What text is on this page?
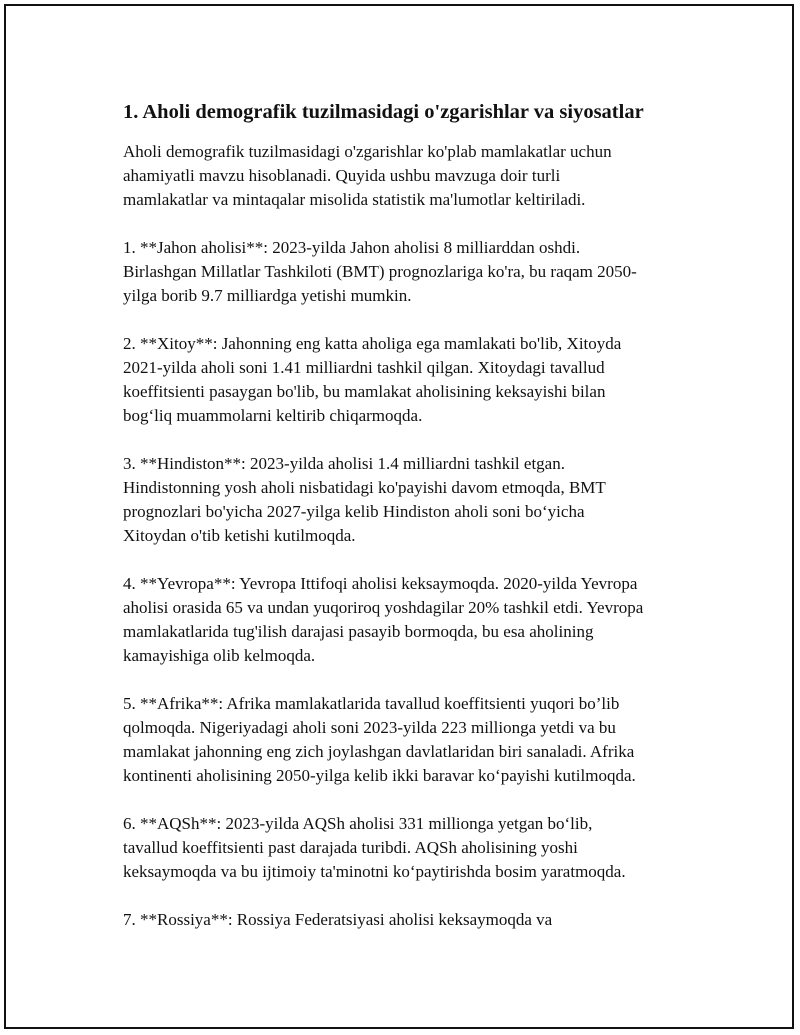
1. Aholi demografik tuzilmasidagi o'zgarishlar va siyosatlar

Aholi demografik tuzilmasidagi o'zgarishlar ko'plab mamlakatlar uchun
ahamiyatli mavzu hisoblanadi. Quyida ushbu mavzuga doir turli
mamlakatlar va mintaqalar misolida statistik ma'lumotlar keltiriladi.

1. **Jahon aholisi**: 2023-yilda Jahon aholisi 8 milliarddan oshdi.
Birlashgan Millatlar Tashkiloti (BMT) prognozlariga ko'ra, bu raqam 2050-
yilga borib 9.7 milliardga yetishi mumkin.

2. **Xitoy**: Jahonning eng katta aholiga ega mamlakati bo'lib, Xitoyda
2021-yilda aholi soni 1.41 milliardni tashkil qilgan. Xitoydagi tavallud
koeffitsienti pasaygan bo'lib, bu mamlakat aholisining keksayishi bilan
bog‘liq muammolarni keltirib chiqarmoqda.

3. **Hindiston**: 2023-yilda aholisi 1.4 milliardni tashkil etgan.
Hindistonning yosh aholi nisbatidagi ko'payishi davom etmoqda, BMT
prognozlari bo'yicha 2027-yilga kelib Hindiston aholi soni bo‘yicha
Xitoydan o'tib ketishi kutilmoqda.

4. **Yevropa**: Yevropa Ittifoqi aholisi keksaymoqda. 2020-yilda Yevropa
aholisi orasida 65 va undan yuqoriroq yoshdagilar 20% tashkil etdi. Yevropa
mamlakatlarida tug'ilish darajasi pasayib bormoqda, bu esa aholining
kamayishiga olib kelmoqda.

5. **Afrika**: Afrika mamlakatlarida tavallud koeffitsienti yuqori bo’lib
qolmoqda. Nigeriyadagi aholi soni 2023-yilda 223 millionga yetdi va bu
mamlakat jahonning eng zich joylashgan davlatlaridan biri sanaladi. Afrika
kontinenti aholisining 2050-yilga kelib ikki baravar ko‘payishi kutilmoqda.

6. **AQSh**: 2023-yilda AQSh aholisi 331 millionga yetgan bo‘lib,
tavallud koeffitsienti past darajada turibdi. AQSh aholisining yoshi
keksaymoqda va bu ijtimoiy ta'minotni ko‘paytirishda bosim yaratmoqda.

7. **Rossiya**: Rossiya Federatsiyasi aholisi keksaymoqda va
